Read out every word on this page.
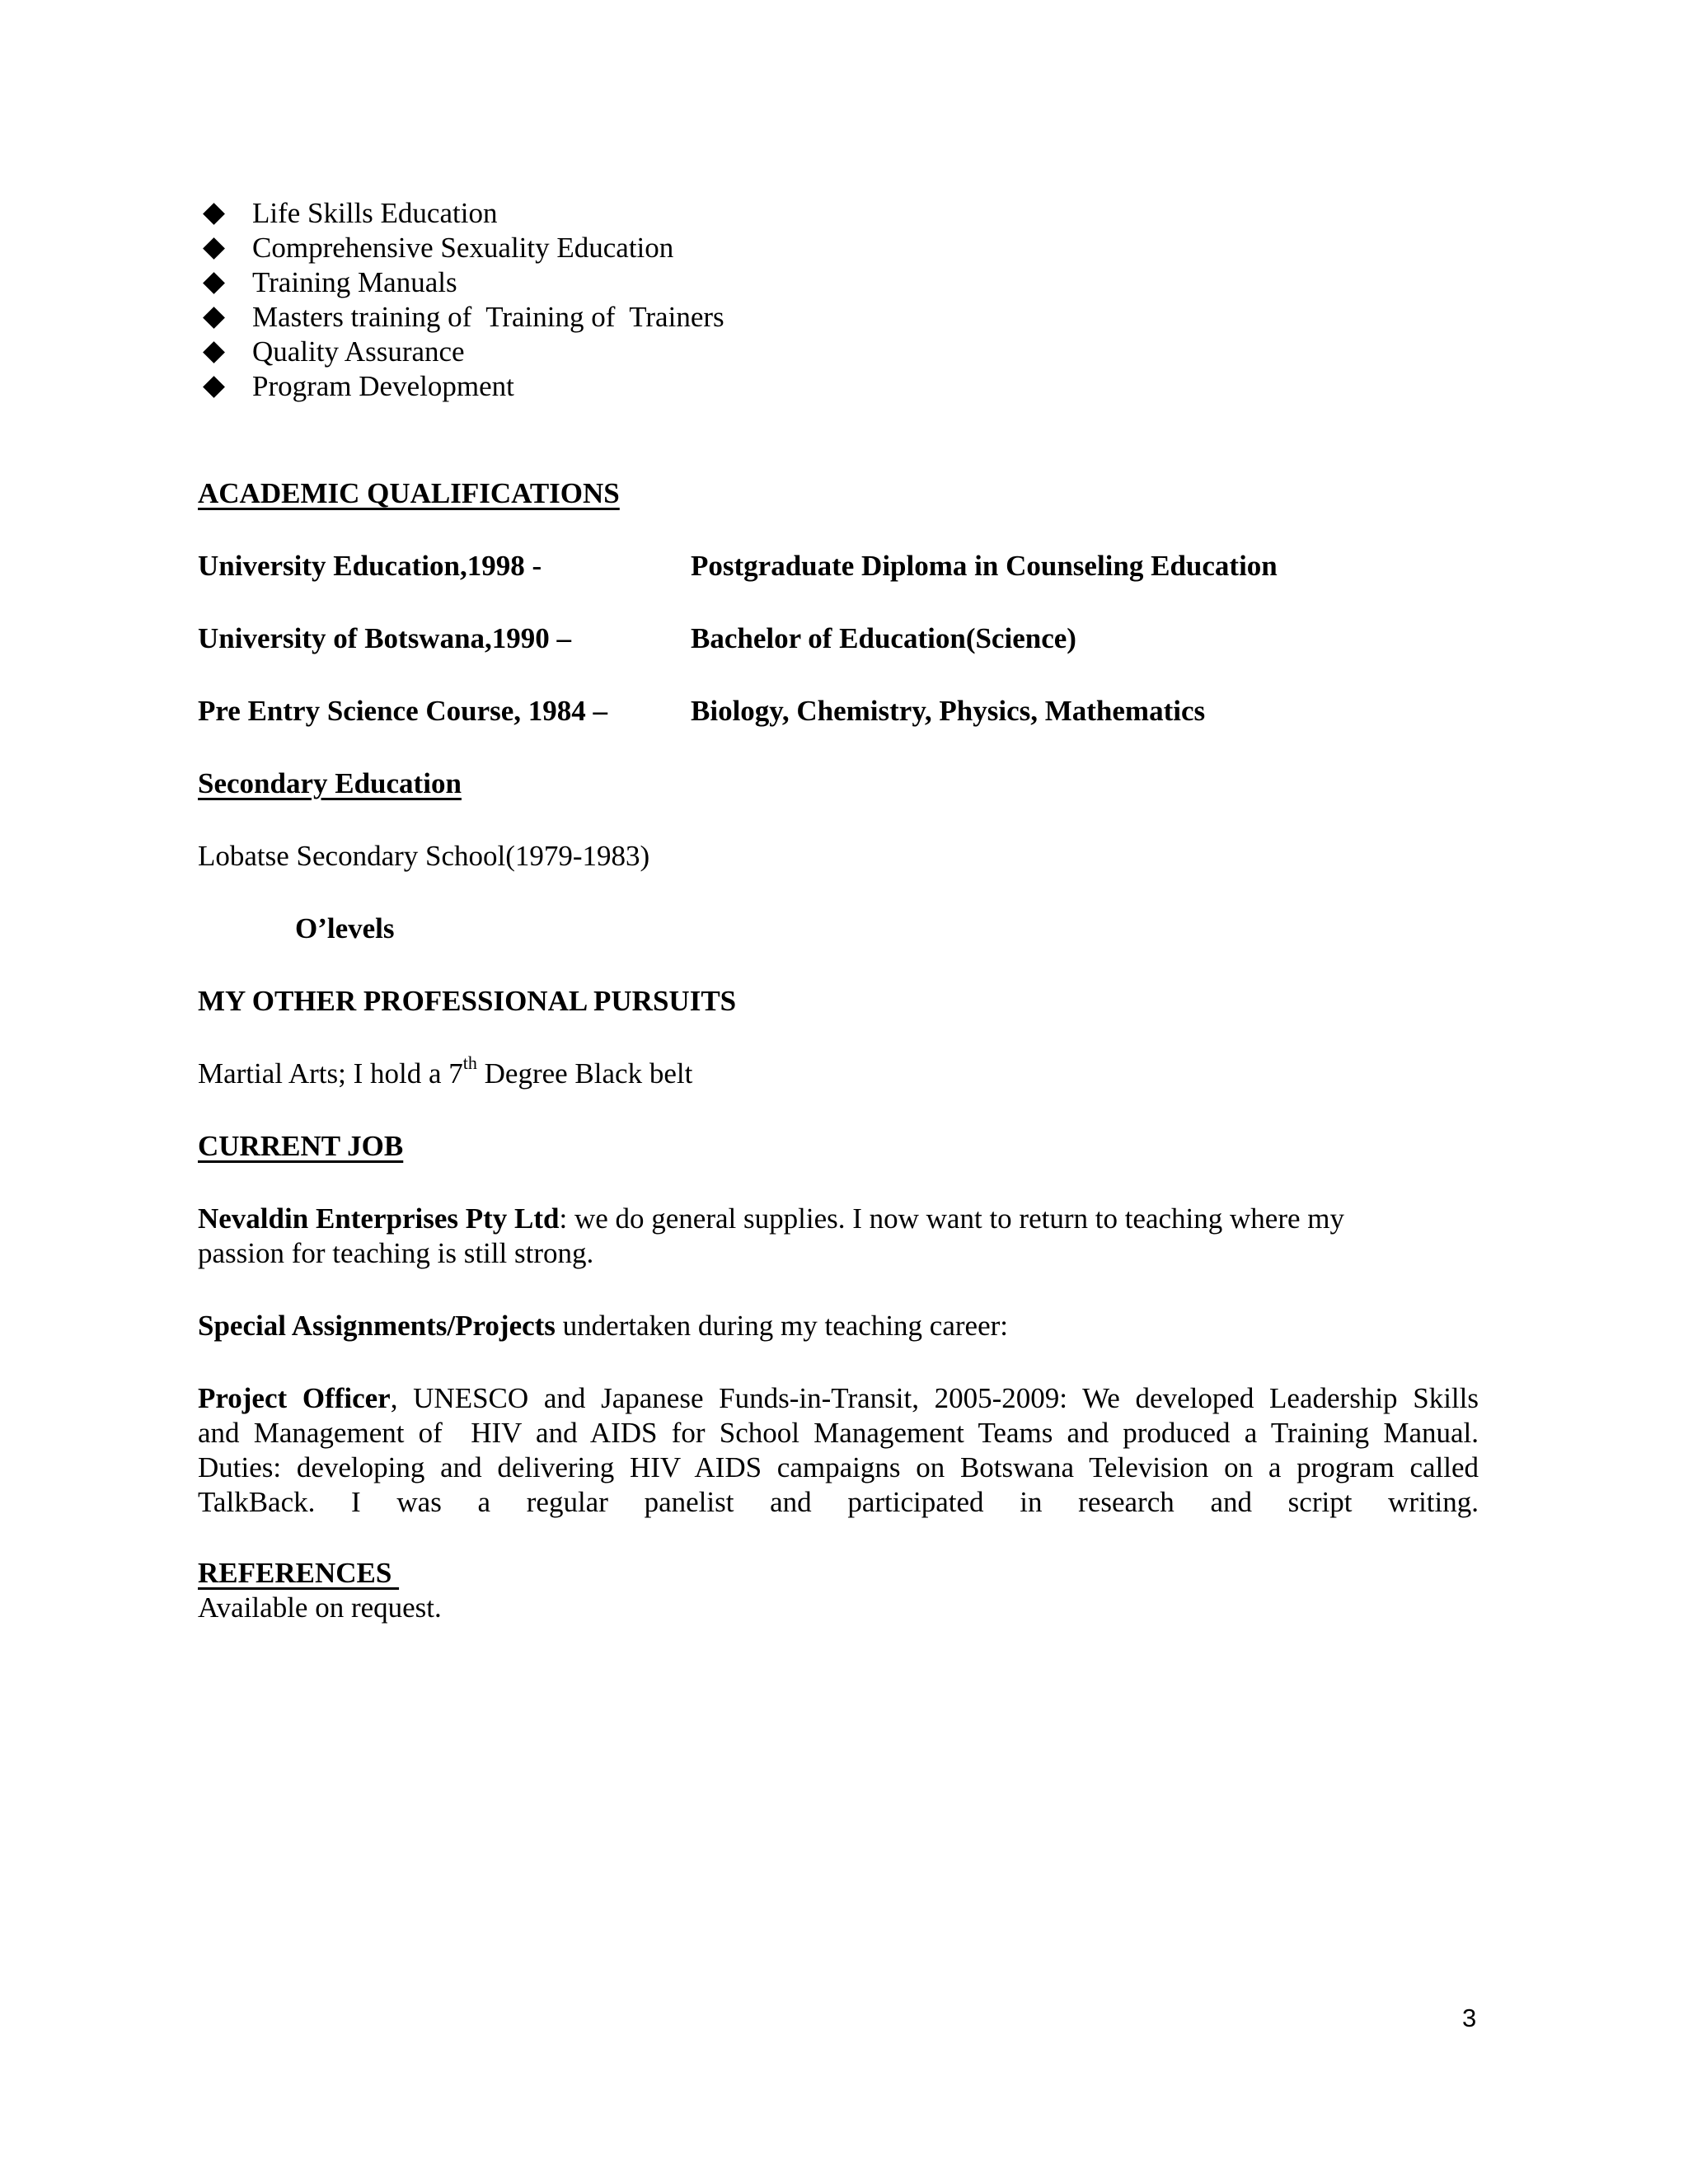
Life Skills Education
Comprehensive Sexuality Education
Training Manuals
Masters training of  Training of  Trainers
Quality Assurance
Program Development
ACADEMIC QUALIFICATIONS
University Education,1998 -	Postgraduate Diploma in Counseling Education
University of Botswana,1990 –	Bachelor of Education(Science)
Pre Entry Science Course, 1984 –	Biology, Chemistry, Physics, Mathematics
Secondary Education
Lobatse Secondary School(1979-1983)
O’levels
MY OTHER PROFESSIONAL PURSUITS
Martial Arts; I hold a 7th Degree Black belt
CURRENT JOB
Nevaldin Enterprises Pty Ltd: we do general supplies. I now want to return to teaching where my
passion for teaching is still strong.
Special Assignments/Projects undertaken during my teaching career:
Project Officer, UNESCO and Japanese Funds-in-Transit, 2005-2009: We developed Leadership Skills
and Management of  HIV and AIDS for School Management Teams and produced a Training Manual.
Duties: developing and delivering HIV AIDS campaigns on Botswana Television on a program called
TalkBack. I was a regular panelist and participated in research and script writing.
REFERENCES
Available on request.
3
